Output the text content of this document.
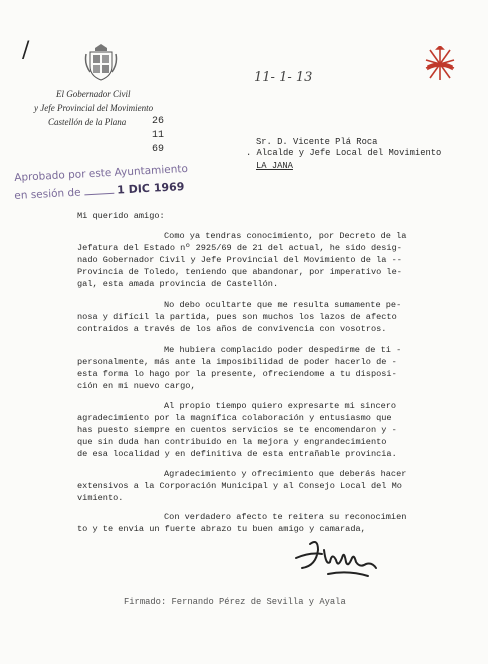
/
El Gobernador Civil
y Jefe Provincial del Movimiento
Castellón de la Plana	26
11
69
11- 1- 13
Sr. D. Vicente Plá Roca
. Alcalde y Jefe Local del Movimiento
LA JANA
Aprobado por este Ayuntamiento
en sesión de	1 DIC 1969
Mi querido amigo:
Como ya tendras conocimiento, por Decreto de la
Jefatura del Estado nº 2925/69 de 21 del actual, he sido desig-
nado Gobernador Civil y Jefe Provincial del Movimiento de la --
Provincia de Toledo, teniendo que abandonar, por imperativo le-
gal, esta amada provincia de Castellón.
No debo ocultarte que me resulta sumamente pe-
nosa y difícil la partida, pues son muchos los lazos de afecto
contraidos a través de los años de convivencia con vosotros.
Me hubiera complacido poder despedirme de ti -
personalmente, más ante la imposibilidad de poder hacerlo de -
esta forma lo hago por la presente, ofreciendome a tu disposi-
ción en mi nuevo cargo,
Al propio tiempo quiero expresarte mi sincero
agradecimiento por la magnífica colaboración y entusiasmo que
has puesto siempre en cuentos servicios se te encomendaron y -
que sin duda han contribuido en la mejora y engrandecimiento
de esa localidad y en definitiva de esta entrañable provincia.
Agradecimiento y ofrecimiento que deberás hacer
extensivos a la Corporación Municipal y al Consejo Local del Mo
vimiento.
Con verdadero afecto te reitera su reconocimien
to y te envia un fuerte abrazo tu buen amigo y camarada,
Firmado: Fernando Pérez de Sevilla y Ayala
